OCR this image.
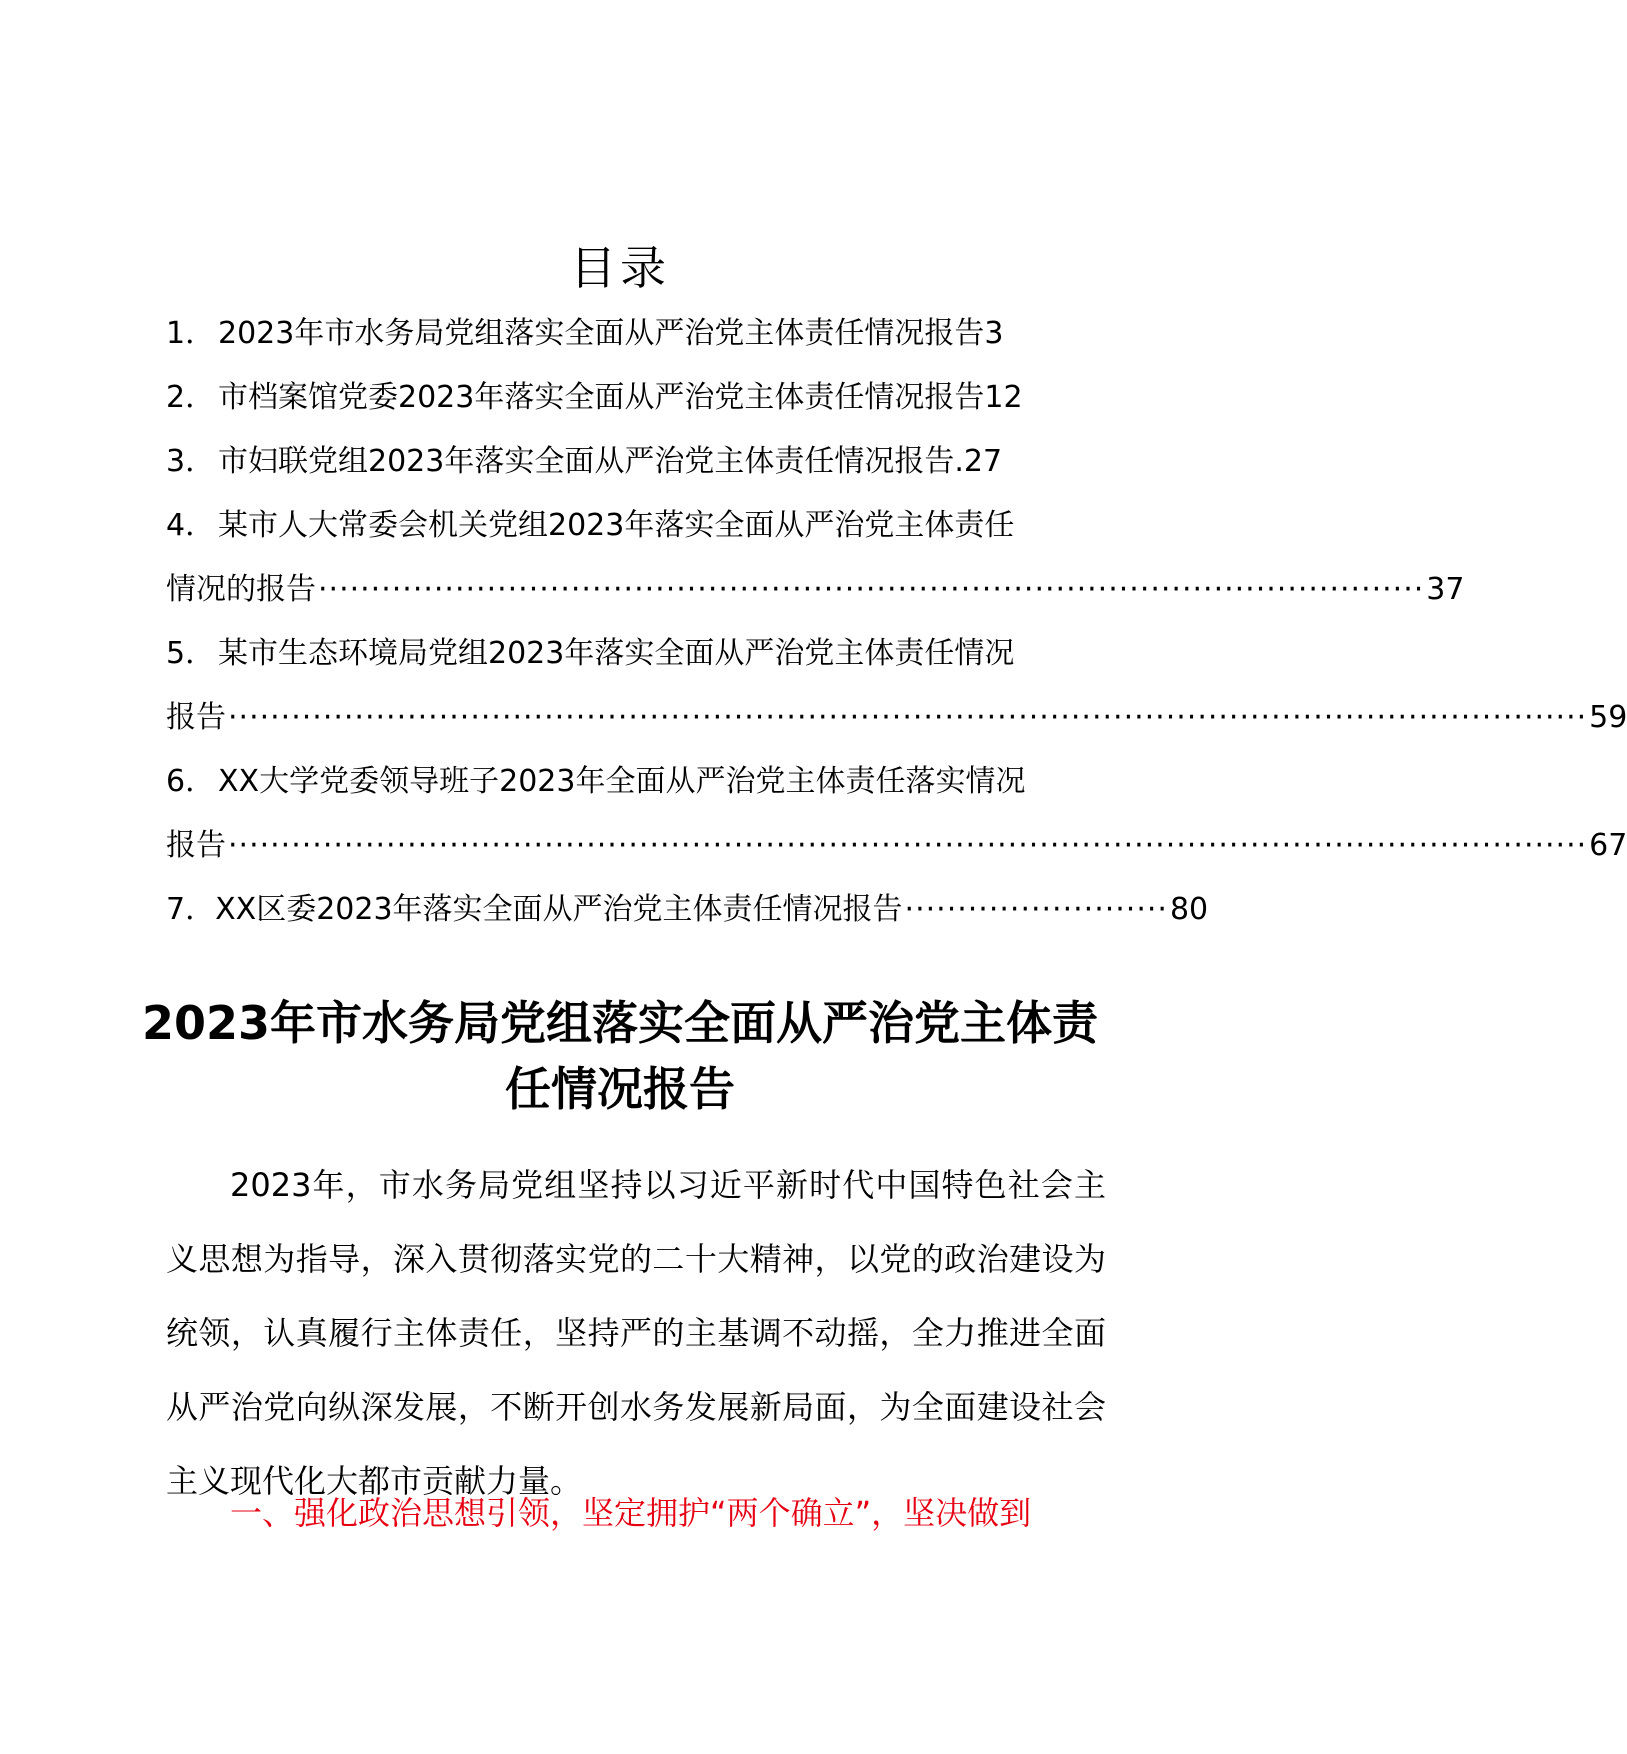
目录
1． 2023年市水务局党组落实全面从严治党主体责任情况报告 3
2． 市档案馆党委2023年落实全面从严治党主体责任情况报告 12
3． 市妇联党组2023年落实全面从严治党主体责任情况报告. 27
4． 某市人大常委会机关党组2023年落实全面从严治党主体责任
情况的报告 ········································································································· 37
5． 某市生态环境局党组2023年落实全面从严治党主体责任情况
报告 ································································································································· 59
6． XX大学党委领导班子2023年全面从严治党主体责任落实情况
报告 ································································································································· 67
7． XX区委2023年落实全面从严治党主体责任情况报告 ························· 80
2023年市水务局党组落实全面从严治党主体责任情况报告

2023年，市水务局党组坚持以习近平新时代中国特色社会主义思想为指导，深入贯彻落实党的二十大精神，以党的政治建设为统领，认真履行主体责任，坚持严的主基调不动摇，全力推进全面从严治党向纵深发展，不断开创水务发展新局面，为全面建设社会主义现代化大都市贡献力量。

一、强化政治思想引领，坚定拥护“两个确立”，坚决做到
